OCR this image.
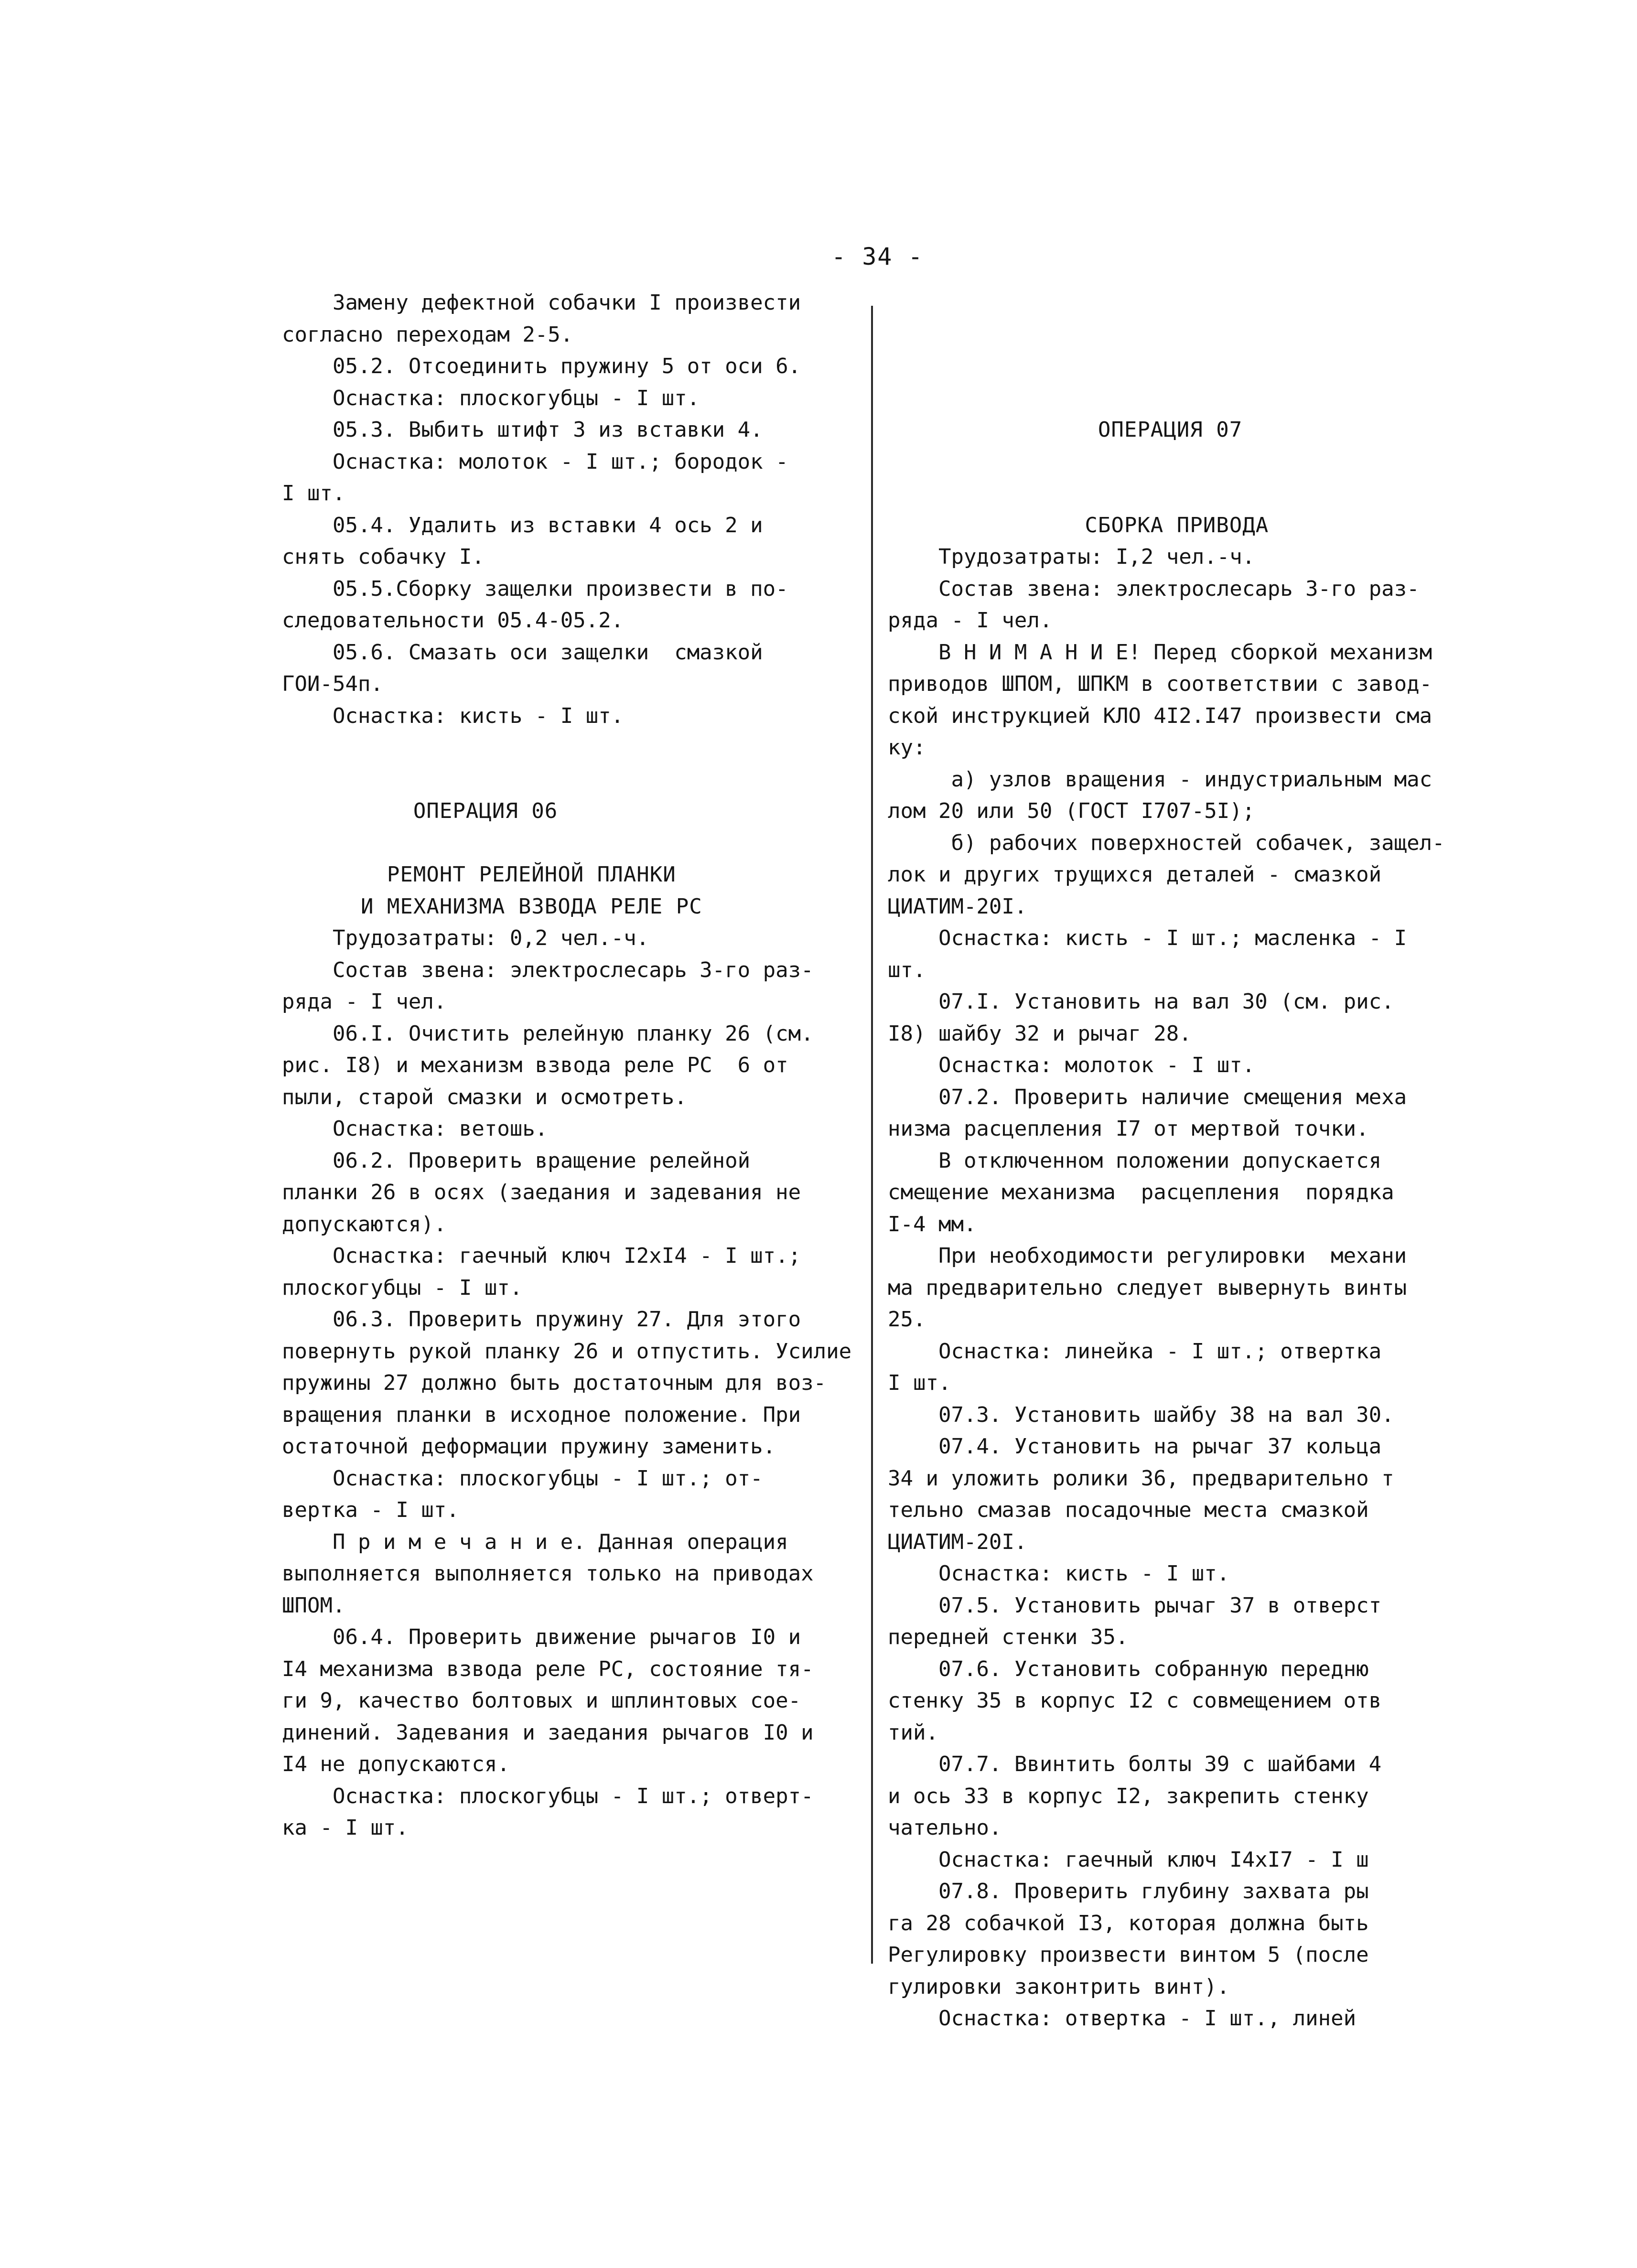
- 34 -
Замену дефектной собачки I произвести
согласно переходам 2-5.
05.2. Отсоединить пружину 5 от оси 6.
Оснастка: плоскогубцы - I шт.
05.3. Выбить штифт 3 из вставки 4.
Оснастка: молоток - I шт.; бородок -
I шт.
05.4. Удалить из вставки 4 ось 2 и
снять собачку I.
05.5.Сборку защелки произвести в по-
следовательности 05.4-05.2.
05.6. Смазать оси защелки  смазкой
ГОИ-54п.
Оснастка: кисть - I шт.
ОПЕРАЦИЯ 06
РЕМОНТ РЕЛЕЙНОЙ ПЛАНКИ
И МЕХАНИЗМА ВЗВОДА РЕЛЕ РС
Трудозатраты: 0,2 чел.-ч.
Состав звена: электрослесарь 3-го раз-
ряда - I чел.
06.I. Очистить релейную планку 26 (см.
рис. I8) и механизм взвода реле РС  6 от
пыли, старой смазки и осмотреть.
Оснастка: ветошь.
06.2. Проверить вращение релейной
планки 26 в осях (заедания и задевания не
допускаются).
Оснастка: гаечный ключ I2xI4 - I шт.;
плоскогубцы - I шт.
06.3. Проверить пружину 27. Для этого
повернуть рукой планку 26 и отпустить. Усилие
пружины 27 должно быть достаточным для воз-
вращения планки в исходное положение. При
остаточной деформации пружину заменить.
Оснастка: плоскогубцы - I шт.; от-
вертка - I шт.
П р и м е ч а н и е. Данная операция
выполняется выполняется только на приводах
ШПОМ.
06.4. Проверить движение рычагов I0 и
I4 механизма взвода реле РС, состояние тя-
ги 9, качество болтовых и шплинтовых сое-
динений. Задевания и заедания рычагов I0 и
I4 не допускаются.
Оснастка: плоскогубцы - I шт.; отверт-
ка - I шт.
ОПЕРАЦИЯ 07
СБОРКА ПРИВОДА
Трудозатраты: I,2 чел.-ч.
Состав звена: электрослесарь 3-го раз-
ряда - I чел.
В Н И М А Н И Е! Перед сборкой механизм
приводов ШПОМ, ШПКМ в соответствии с завод-
ской инструкцией КЛО 4I2.I47 произвести сма
ку:
а) узлов вращения - индустриальным мас
лом 20 или 50 (ГОСТ I707-5I);
б) рабочих поверхностей собачек, защел-
лок и других трущихся деталей - смазкой
ЦИАТИМ-20I.
Оснастка: кисть - I шт.; масленка - I
шт.
07.I. Установить на вал 30 (см. рис.
I8) шайбу 32 и рычаг 28.
Оснастка: молоток - I шт.
07.2. Проверить наличие смещения меха
низма расцепления I7 от мертвой точки.
В отключенном положении допускается
смещение механизма  расцепления  порядка
I-4 мм.
При необходимости регулировки  механи
ма предварительно следует вывернуть винты
25.
Оснастка: линейка - I шт.; отвертка
I шт.
07.3. Установить шайбу 38 на вал 30.
07.4. Установить на рычаг 37 кольца
34 и уложить ролики 36, предварительно т
тельно смазав посадочные места смазкой
ЦИАТИМ-20I.
Оснастка: кисть - I шт.
07.5. Установить рычаг 37 в отверст
передней стенки 35.
07.6. Установить собранную передню
стенку 35 в корпус I2 с совмещением отв
тий.
07.7. Ввинтить болты 39 с шайбами 4
и ось 33 в корпус I2, закрепить стенку
чательно.
Оснастка: гаечный ключ I4xI7 - I ш
07.8. Проверить глубину захвата ры
га 28 собачкой I3, которая должна быть
Регулировку произвести винтом 5 (после
гулировки законтрить винт).
Оснастка: отвертка - I шт., линей
